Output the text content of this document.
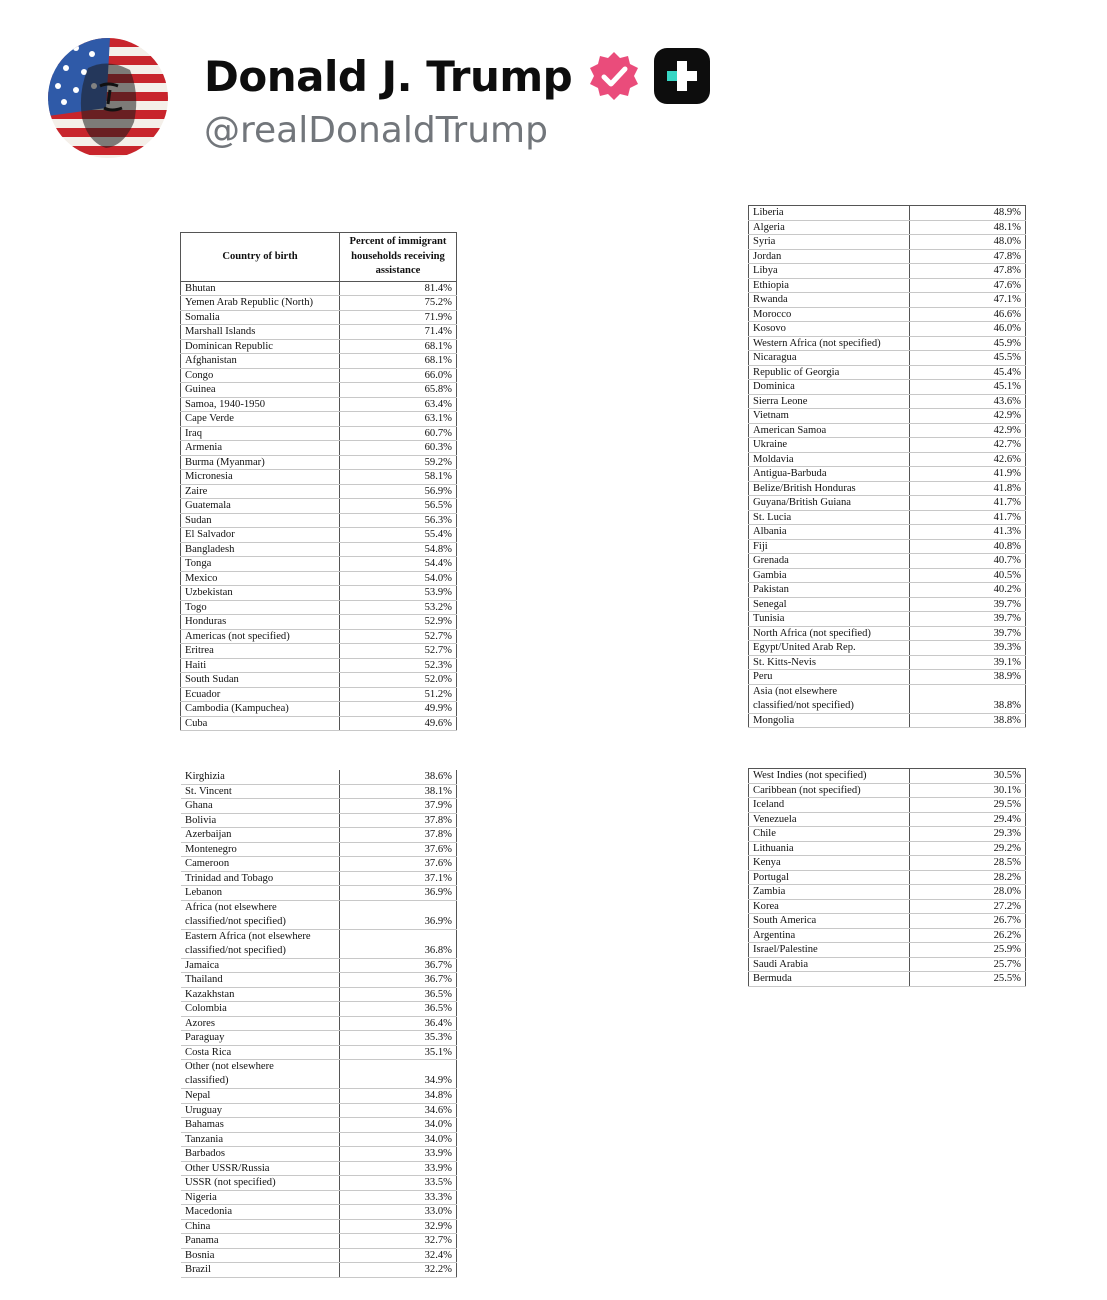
Donald J. Trump
@realDonaldTrump
Country of birth	Percent of immigrant households receiving assistance
Bhutan	81.4%
Yemen Arab Republic (North)	75.2%
Somalia	71.9%
Marshall Islands	71.4%
Dominican Republic	68.1%
Afghanistan	68.1%
Congo	66.0%
Guinea	65.8%
Samoa, 1940-1950	63.4%
Cape Verde	63.1%
Iraq	60.7%
Armenia	60.3%
Burma (Myanmar)	59.2%
Micronesia	58.1%
Zaire	56.9%
Guatemala	56.5%
Sudan	56.3%
El Salvador	55.4%
Bangladesh	54.8%
Tonga	54.4%
Mexico	54.0%
Uzbekistan	53.9%
Togo	53.2%
Honduras	52.9%
Americas (not specified)	52.7%
Eritrea	52.7%
Haiti	52.3%
South Sudan	52.0%
Ecuador	51.2%
Cambodia (Kampuchea)	49.9%
Cuba	49.6%
Liberia	48.9%
Algeria	48.1%
Syria	48.0%
Jordan	47.8%
Libya	47.8%
Ethiopia	47.6%
Rwanda	47.1%
Morocco	46.6%
Kosovo	46.0%
Western Africa (not specified)	45.9%
Nicaragua	45.5%
Republic of Georgia	45.4%
Dominica	45.1%
Sierra Leone	43.6%
Vietnam	42.9%
American Samoa	42.9%
Ukraine	42.7%
Moldavia	42.6%
Antigua-Barbuda	41.9%
Belize/British Honduras	41.8%
Guyana/British Guiana	41.7%
St. Lucia	41.7%
Albania	41.3%
Fiji	40.8%
Grenada	40.7%
Gambia	40.5%
Pakistan	40.2%
Senegal	39.7%
Tunisia	39.7%
North Africa (not specified)	39.7%
Egypt/United Arab Rep.	39.3%
St. Kitts-Nevis	39.1%
Peru	38.9%
Asia (not elsewhere
classified/not specified)	38.8%
Mongolia	38.8%
Kirghizia	38.6%
St. Vincent	38.1%
Ghana	37.9%
Bolivia	37.8%
Azerbaijan	37.8%
Montenegro	37.6%
Cameroon	37.6%
Trinidad and Tobago	37.1%
Lebanon	36.9%
Africa (not elsewhere
classified/not specified)	36.9%
Eastern Africa (not elsewhere
classified/not specified)	36.8%
Jamaica	36.7%
Thailand	36.7%
Kazakhstan	36.5%
Colombia	36.5%
Azores	36.4%
Paraguay	35.3%
Costa Rica	35.1%
Other (not elsewhere
classified)	34.9%
Nepal	34.8%
Uruguay	34.6%
Bahamas	34.0%
Tanzania	34.0%
Barbados	33.9%
Other USSR/Russia	33.9%
USSR (not specified)	33.5%
Nigeria	33.3%
Macedonia	33.0%
China	32.9%
Panama	32.7%
Bosnia	32.4%
Brazil	32.2%
West Indies (not specified)	30.5%
Caribbean (not specified)	30.1%
Iceland	29.5%
Venezuela	29.4%
Chile	29.3%
Lithuania	29.2%
Kenya	28.5%
Portugal	28.2%
Zambia	28.0%
Korea	27.2%
South America	26.7%
Argentina	26.2%
Israel/Palestine	25.9%
Saudi Arabia	25.7%
Bermuda	25.5%
